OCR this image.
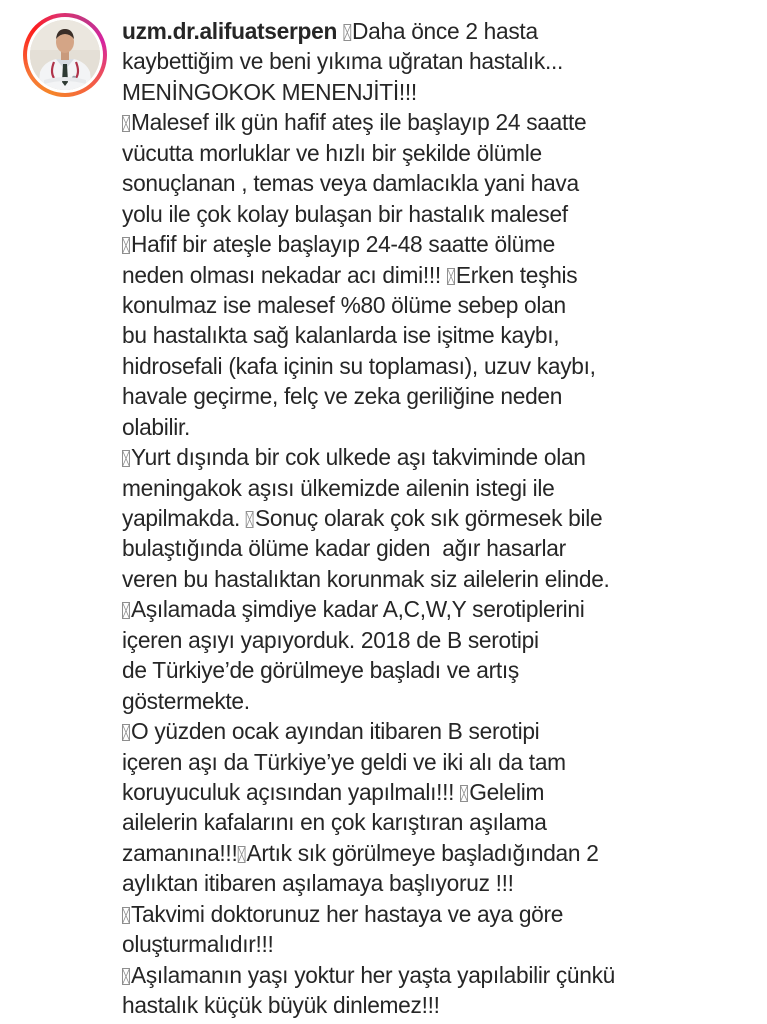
uzm.dr.alifuatserpen Daha önce 2 hasta
kaybettiğim ve beni yıkıma uğratan hastalık...
MENİNGOKOK MENENJİTİ!!!
Malesef ilk gün hafif ateş ile başlayıp 24 saatte
vücutta morluklar ve hızlı bir şekilde ölümle
sonuçlanan , temas veya damlacıkla yani hava
yolu ile çok kolay bulaşan bir hastalık malesef
Hafif bir ateşle başlayıp 24-48 saatte ölüme
neden olması nekadar acı dimi!!!
Erken teşhis
konulmaz ise malesef %80 ölüme sebep olan
bu hastalıkta sağ kalanlarda ise işitme kaybı,
hidrosefali (kafa içinin su toplaması), uzuv kaybı,
havale geçirme, felç ve zeka geriliğine neden
olabilir.
Yurt dışında bir cok ulkede aşı takviminde olan
meningakok aşısı ülkemizde ailenin istegi ile
yapilmakda.
Sonuç olarak çok sık görmesek bile
bulaştığında ölüme kadar giden  ağır hasarlar
veren bu hastalıktan korunmak siz ailelerin elinde.
Aşılamada şimdiye kadar A,C,W,Y serotiplerini
içeren aşıyı yapıyorduk. 2018 de B serotipi
de Türkiye’de görülmeye başladı ve artış
göstermekte.
O yüzden ocak ayından itibaren B serotipi
içeren aşı da Türkiye’ye geldi ve iki alı da tam
koruyuculuk açısından yapılmalı!!!
Gelelim
ailelerin kafalarını en çok karıştıran aşılama
zamanına!!! Artık sık görülmeye başladığından 2
aylıktan itibaren aşılamaya başlıyoruz !!!
Takvimi doktorunuz her hastaya ve aya göre
oluşturmalıdır!!!
Aşılamanın yaşı yoktur her yaşta yapılabilir çünkü
hastalık küçük büyük dinlemez!!!
